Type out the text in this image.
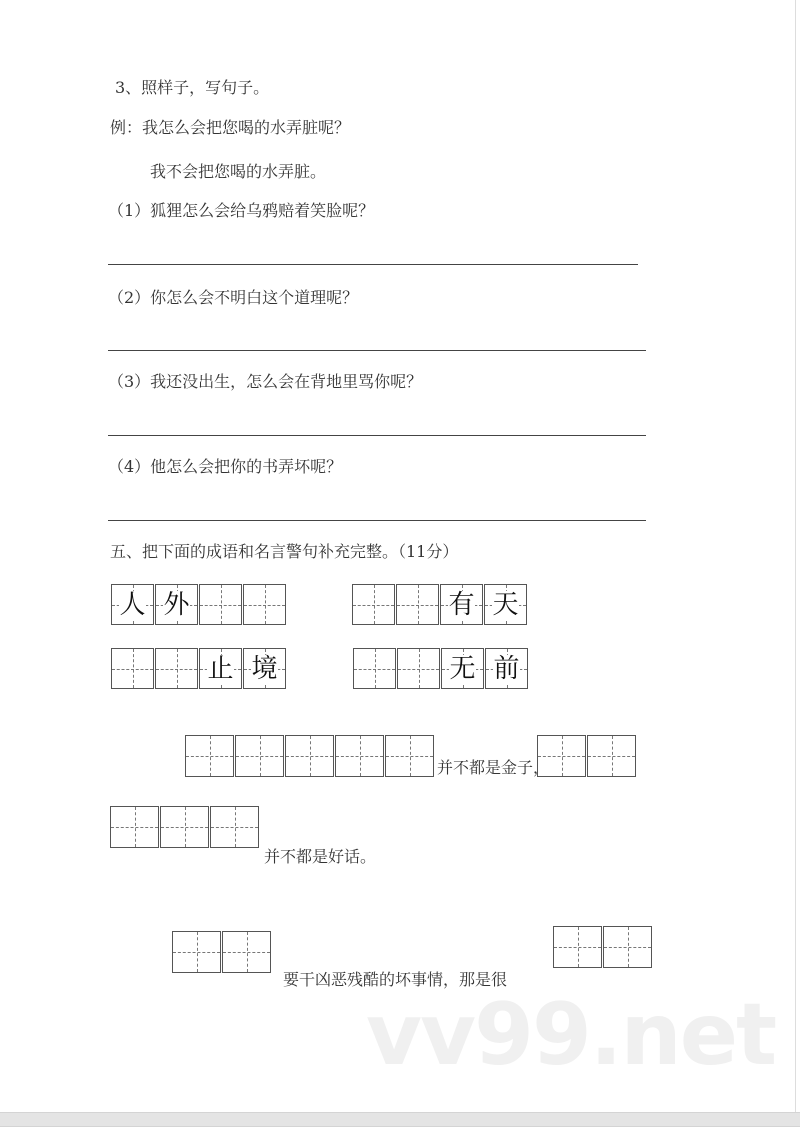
3、照样子，写句子。
例：我怎么会把您喝的水弄脏呢？
我不会把您喝的水弄脏。
（1）狐狸怎么会给乌鸦赔着笑脸呢？
（2）你怎么会不明白这个道理呢？
（3）我还没出生，怎么会在背地里骂你呢？
（4）他怎么会把你的书弄坏呢？
五、把下面的成语和名言警句补充完整。（11分）
人 外	有 天
止 境	无 前
并不都是金子，
并不都是好话。
要干凶恶残酷的坏事情，那是很
vv99.net
